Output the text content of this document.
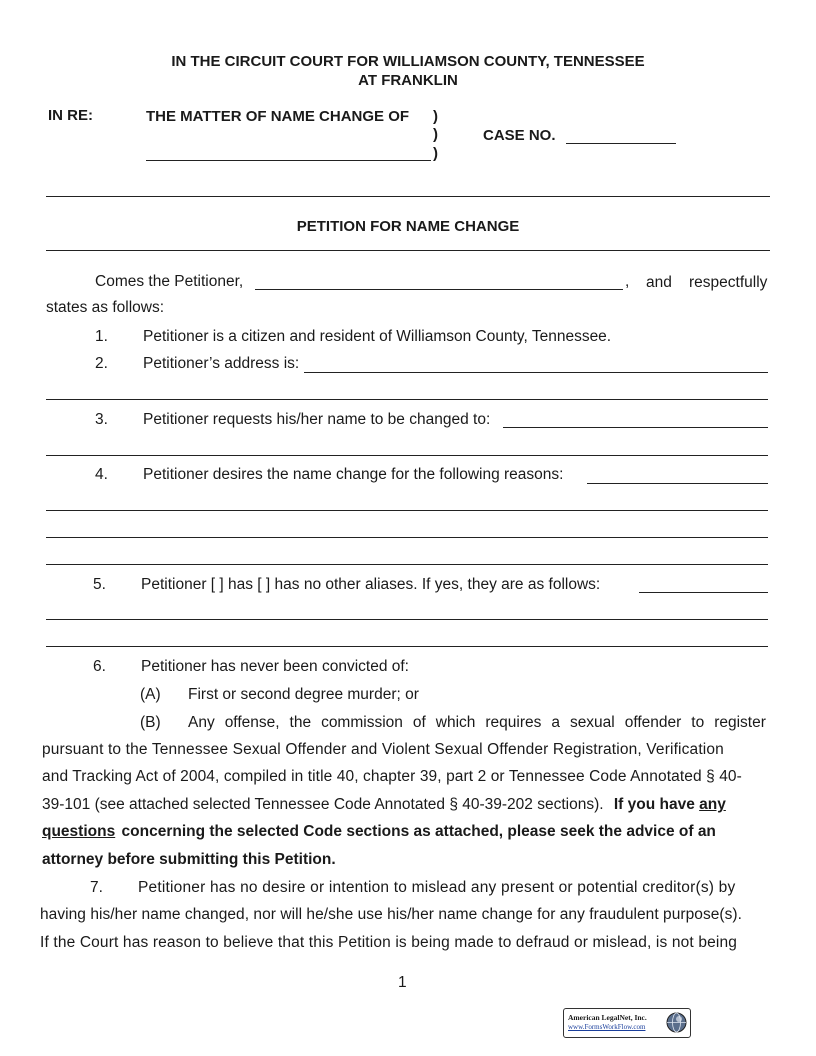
IN THE CIRCUIT COURT FOR WILLIAMSON COUNTY, TENNESSEE
AT FRANKLIN
IN RE:	THE MATTER OF NAME CHANGE OF )
)
)
CASE NO.
PETITION FOR NAME CHANGE
Comes the Petitioner,	, and respectfully
states as follows:
1. Petitioner is a citizen and resident of Williamson County, Tennessee.
2. Petitioner’s address is:
3. Petitioner requests his/her name to be changed to:
4. Petitioner desires the name change for the following reasons:
5. Petitioner [ ] has [ ] has no other aliases. If yes, they are as follows:
6. Petitioner has never been convicted of:
(A) First or second degree murder; or
(B) Any offense, the commission of which requires a sexual offender to register
pursuant to the Tennessee Sexual Offender and Violent Sexual Offender Registration, Verification
and Tracking Act of 2004, compiled in title 40, chapter 39, part 2 or Tennessee Code Annotated § 40-
39-101 (see attached selected Tennessee Code Annotated § 40-39-202 sections). If you have any
questions concerning the selected Code sections as attached, please seek the advice of an
attorney before submitting this Petition.
7. Petitioner has no desire or intention to mislead any present or potential creditor(s) by
having his/her name changed, nor will he/she use his/her name change for any fraudulent purpose(s).
If the Court has reason to believe that this Petition is being made to defraud or mislead, is not being
1
American LegalNet, Inc.
www.FormsWorkFlow.com
